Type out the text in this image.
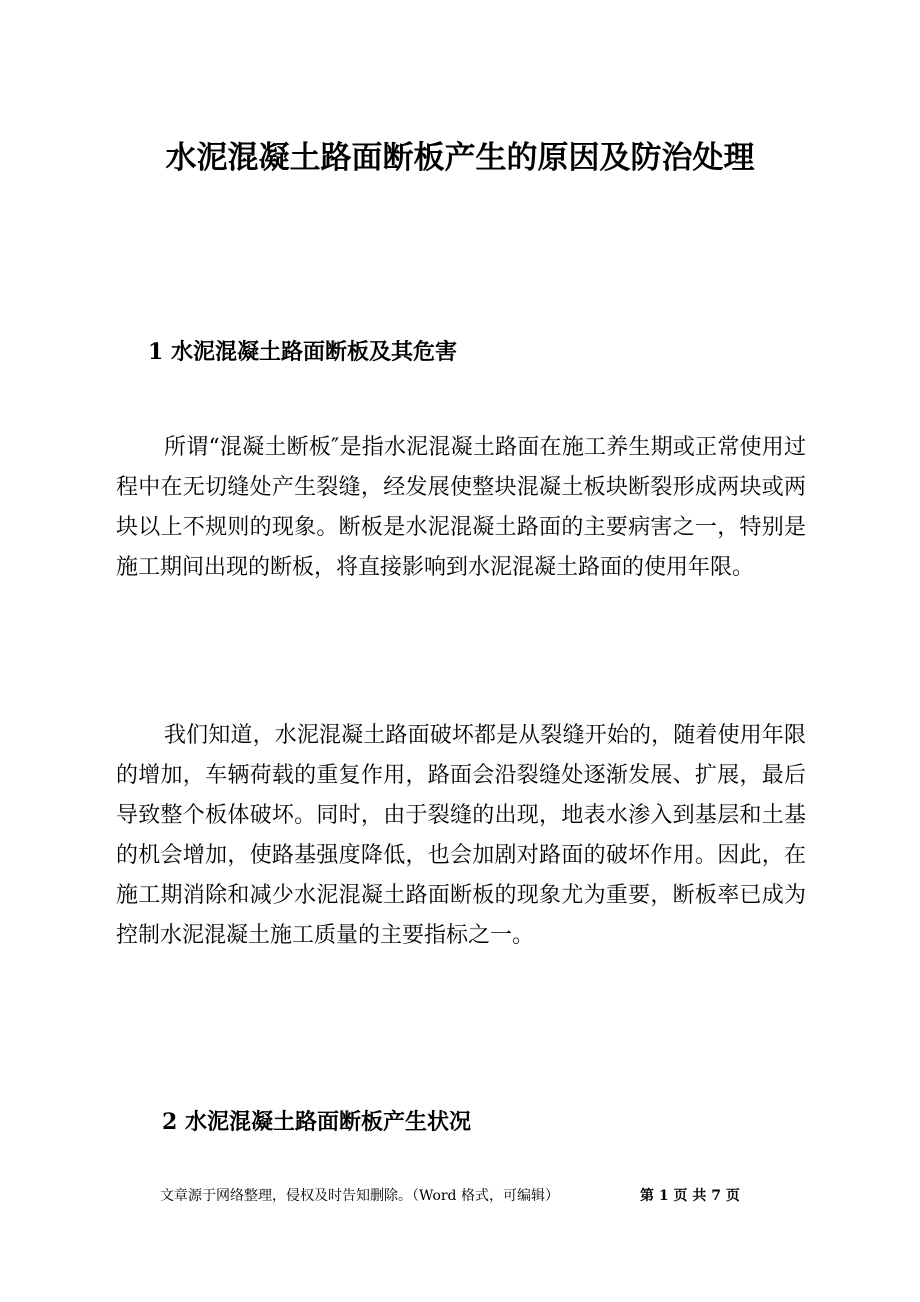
水泥混凝土路面断板产生的原因及防治处理
1 水泥混凝土路面断板及其危害

所谓“混凝土断板″是指水泥混凝土路面在施工养生期或正常使用过程中在无切缝处产生裂缝，经发展使整块混凝土板块断裂形成两块或两块以上不规则的现象。断板是水泥混凝土路面的主要病害之一，特别是施工期间出现的断板，将直接影响到水泥混凝土路面的使用年限。

我们知道，水泥混凝土路面破坏都是从裂缝开始的，随着使用年限的增加，车辆荷载的重复作用，路面会沿裂缝处逐渐发展、扩展，最后导致整个板体破坏。同时，由于裂缝的出现，地表水渗入到基层和土基的机会增加，使路基强度降低，也会加剧对路面的破坏作用。因此，在施工期消除和减少水泥混凝土路面断板的现象尤为重要，断板率已成为控制水泥混凝土施工质量的主要指标之一。

2 水泥混凝土路面断板产生状况
文章源于网络整理，侵权及时告知删除。（Word 格式，可编辑）	第 1 页 共 7 页
